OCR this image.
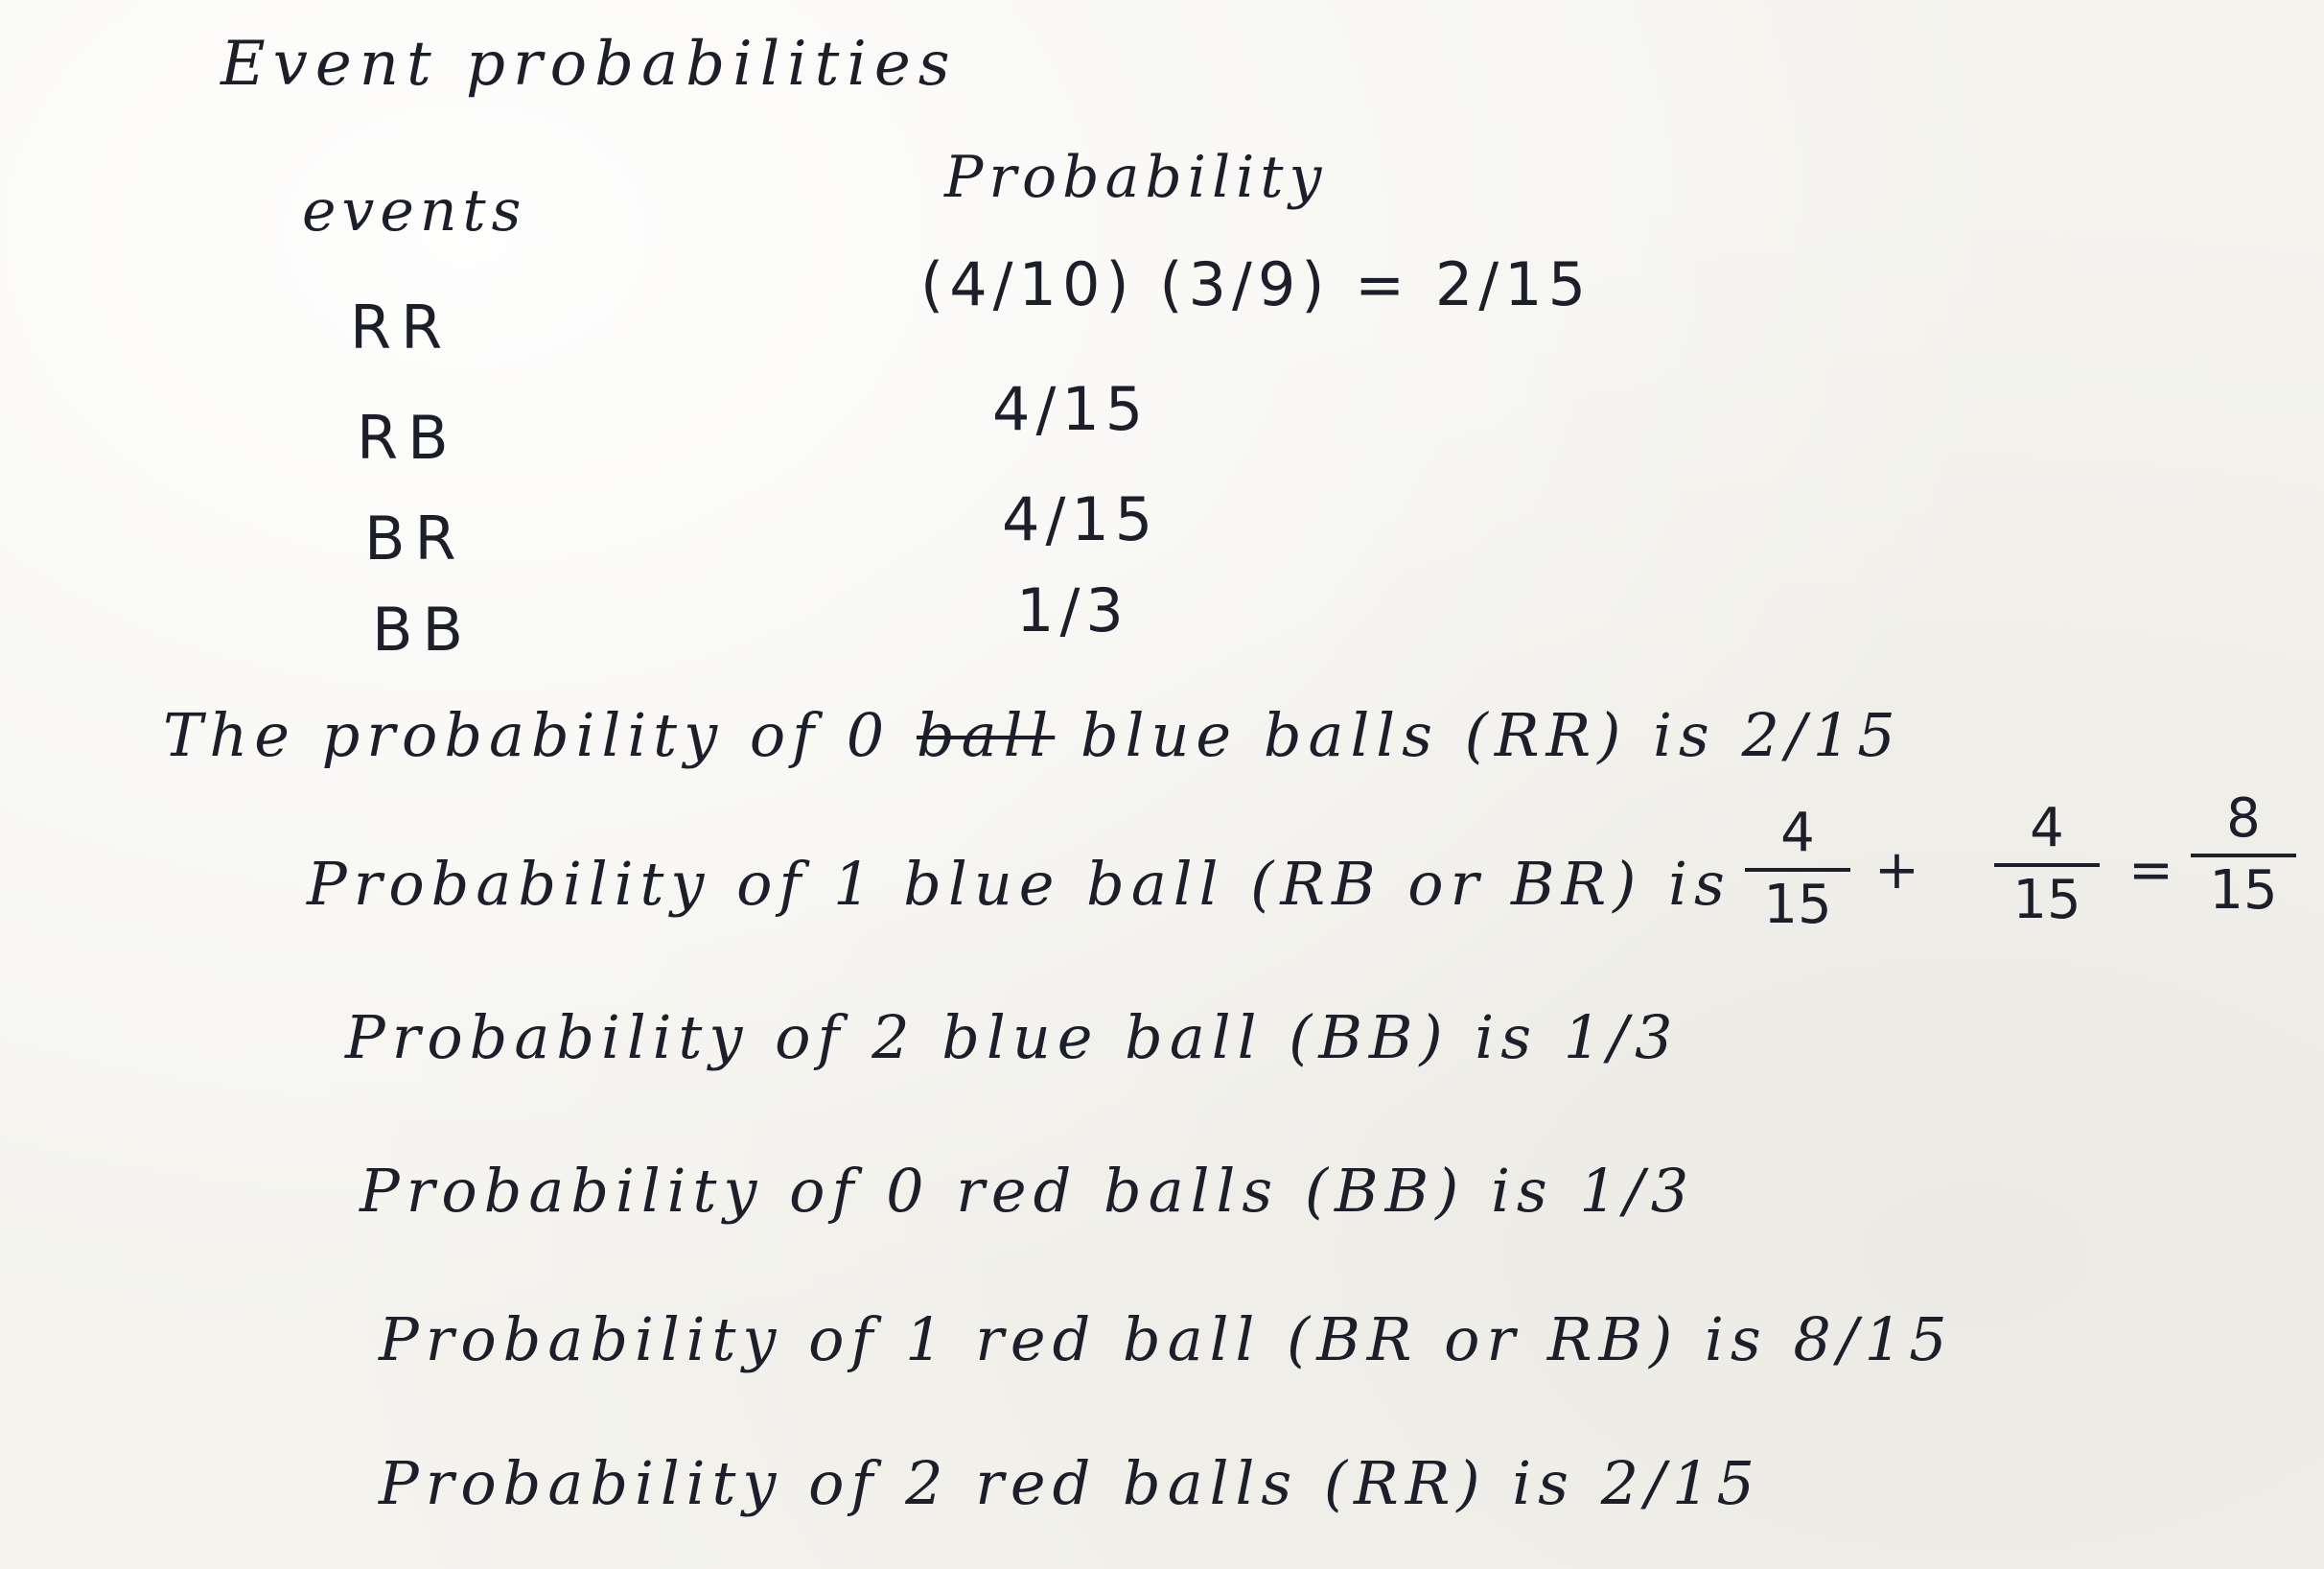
Event probabilities
events	Probability
RR
RB
BR
BB
(4/10) (3/9) = 2/15
4/15
4/15
1/3
The probability of 0 ball blue balls (RR) is 2/15
Probability of 1 blue ball (RB or BR) is
4
15
+
4
15 =
8
15
Probability of 2 blue ball (BB) is 1/3
Probability of 0 red balls (BB) is 1/3
Probability of 1 red ball (BR or RB) is 8/15
Probability of 2 red balls (RR) is 2/15
